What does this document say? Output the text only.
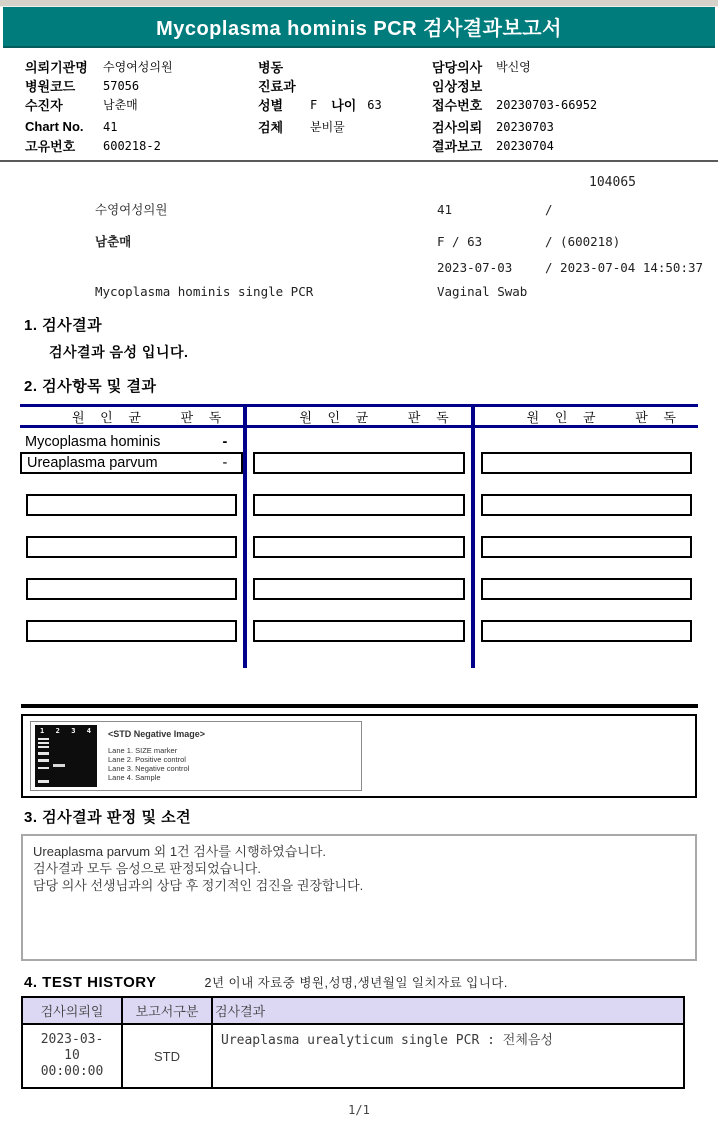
Mycoplasma hominis PCR 검사결과보고서
의뢰기관명	수영여성의원
병원코드	57056
수진자	남춘매
Chart No.	41
고유번호	600218-2
병동
진료과
성별	F 나이 63
검체	분비물
담당의사	박신영
임상정보
접수번호	20230703-66952
검사의뢰	20230703
결과보고	20230704
104065
수영여성의원	41	/
남춘매	F / 63	/ (600218)
2023-07-03	/ 2023-07-04 14:50:37
Mycoplasma hominis single PCR	Vaginal Swab
1. 검사결과
검사결과 음성 입니다.
2. 검사항목 및 결과
원 인 균	판 독
Mycoplasma hominis	-
Ureaplasma parvum	-
원 인 균	판 독	원 인 균	판 독
1 2 3 4 <STD Negative Image>
Lane 1. SIZE marker
Lane 2. Positive control
Lane 3. Negative control
Lane 4. Sample
3. 검사결과 판정 및 소견
Ureaplasma parvum 외 1건 검사를 시행하였습니다.
검사결과 모두 음성으로 판정되었습니다.
담당 의사 선생님과의 상담 후 정기적인 검진을 권장합니다.
4. TEST HISTORY	2년 이내 자료중 병원,성명,생년월일 일치자료 입니다.
검사의뢰일	보고서구분	검사결과
2023-03-10 00:00:00	STD	Ureaplasma urealyticum single PCR : 전체음성
1/1
